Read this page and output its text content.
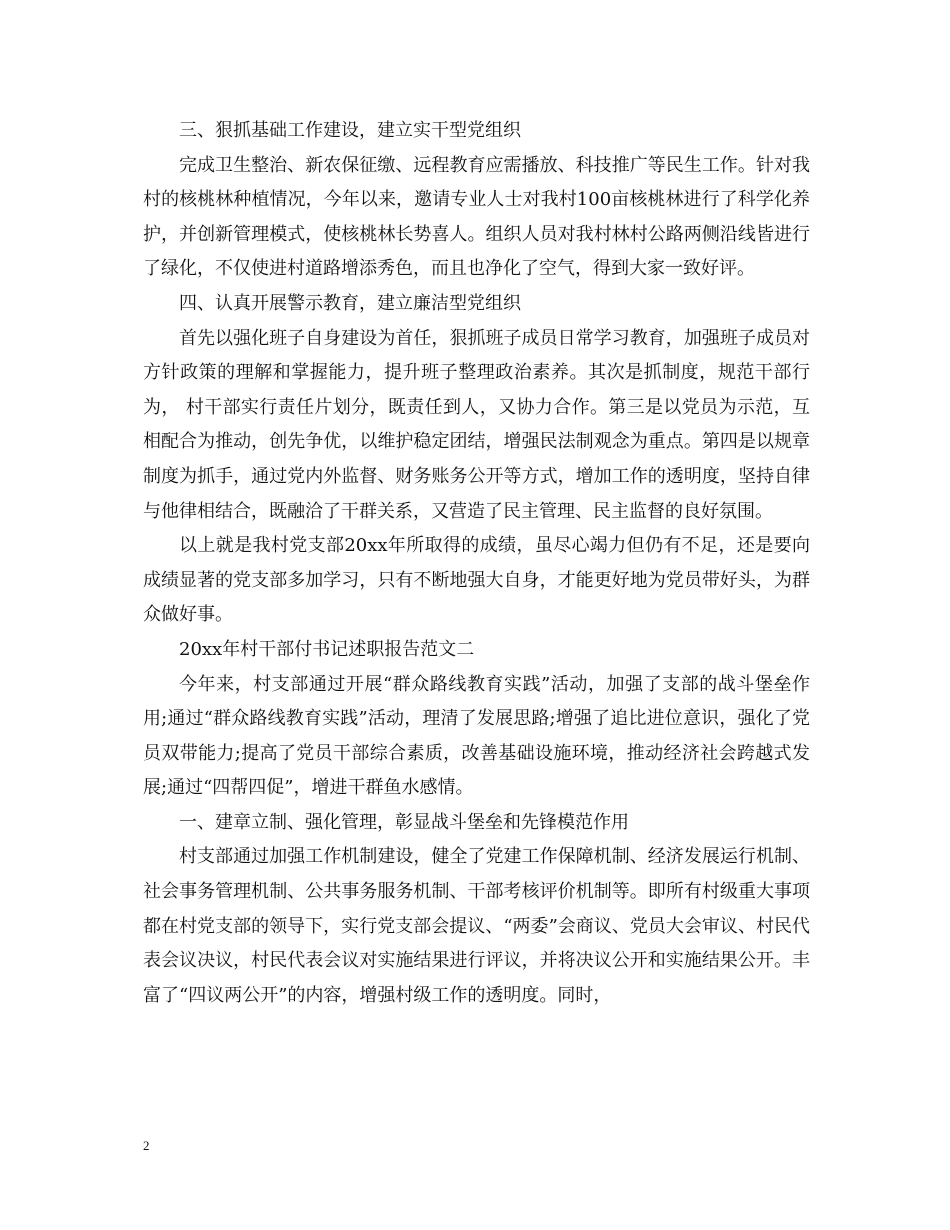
三、狠抓基础工作建设，建立实干型党组织

完成卫生整治、新农保征缴、远程教育应需播放、科技推广等民生工作。针对我村的核桃林种植情况，今年以来，邀请专业人士对我村100亩核桃林进行了科学化养护，并创新管理模式，使核桃林长势喜人。组织人员对我村林村公路两侧沿线皆进行了绿化，不仅使进村道路增添秀色，而且也净化了空气，得到大家一致好评。

四、认真开展警示教育，建立廉洁型党组织

首先以强化班子自身建设为首任，狠抓班子成员日常学习教育，加强班子成员对方针政策的理解和掌握能力，提升班子整理政治素养。其次是抓制度，规范干部行为， 村干部实行责任片划分，既责任到人，又协力合作。第三是以党员为示范，互相配合为推动，创先争优，以维护稳定团结，增强民法制观念为重点。第四是以规章制度为抓手，通过党内外监督、财务账务公开等方式，增加工作的透明度，坚持自律与他律相结合，既融洽了干群关系，又营造了民主管理、民主监督的良好氛围。

以上就是我村党支部20xx年所取得的成绩，虽尽心竭力但仍有不足，还是要向成绩显著的党支部多加学习，只有不断地强大自身，才能更好地为党员带好头，为群众做好事。

20xx年村干部付书记述职报告范文二

今年来，村支部通过开展“群众路线教育实践”活动，加强了支部的战斗堡垒作用;通过“群众路线教育实践”活动，理清了发展思路;增强了追比进位意识，强化了党员双带能力;提高了党员干部综合素质，改善基础设施环境，推动经济社会跨越式发展;通过“四帮四促”，增进干群鱼水感情。

一、建章立制、强化管理，彰显战斗堡垒和先锋模范作用

村支部通过加强工作机制建设，健全了党建工作保障机制、经济发展运行机制、社会事务管理机制、公共事务服务机制、干部考核评价机制等。即所有村级重大事项都在村党支部的领导下，实行党支部会提议、“两委”会商议、党员大会审议、村民代表会议决议，村民代表会议对实施结果进行评议，并将决议公开和实施结果公开。丰富了“四议两公开”的内容，增强村级工作的透明度。同时，

2
